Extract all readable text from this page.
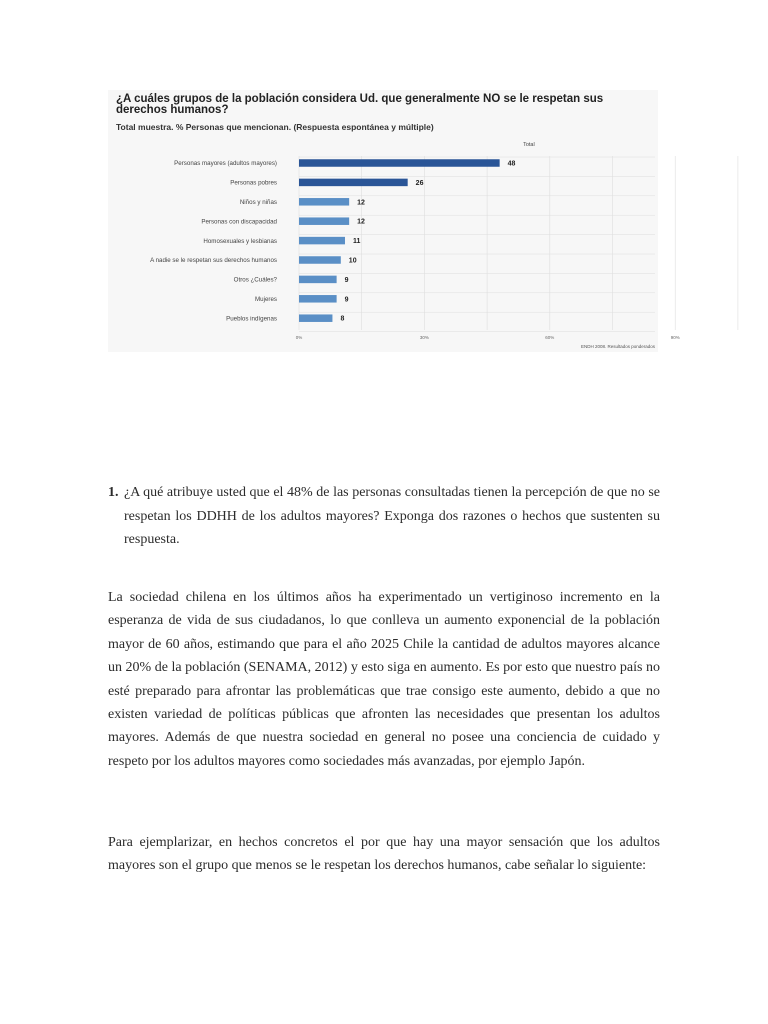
¿A cuáles grupos de la población considera Ud. que generalmente NO se le respetan sus derechos humanos?
Total muestra. % Personas que mencionan. (Respuesta espontánea y múltiple)
Total
Personas mayores (adultos mayores)	48
Personas pobres	26
Niños y niñas	12
Personas con discapacidad	12
Homosexuales y lesbianas	11
A nadie se le respetan sus derechos humanos	10
Otros ¿Cuáles?	9
Mujeres	9
Pueblos indígenas	8
0%	30%	60%	90%
ENDH 2008. Resultados ponderados
1. ¿A qué atribuye usted que el 48% de las personas consultadas tienen la percepción de que no se respetan los DDHH de los adultos mayores? Exponga dos razones o hechos que sustenten su respuesta.

La sociedad chilena en los últimos años ha experimentado un vertiginoso incremento en la esperanza de vida de sus ciudadanos, lo que conlleva un aumento exponencial de la población mayor de 60 años, estimando que para el año 2025 Chile la cantidad de adultos mayores alcance un 20% de la población (SENAMA, 2012) y esto siga en aumento. Es por esto que nuestro país no esté preparado para afrontar las problemáticas que trae consigo este aumento, debido a que no existen variedad de políticas públicas que afronten las necesidades que presentan los adultos mayores. Además de que nuestra sociedad en general no posee una conciencia de cuidado y respeto por los adultos mayores como sociedades más avanzadas, por ejemplo Japón.

Para ejemplarizar, en hechos concretos el por que hay una mayor sensación que los adultos mayores son el grupo que menos se le respetan los derechos humanos, cabe señalar lo siguiente:
